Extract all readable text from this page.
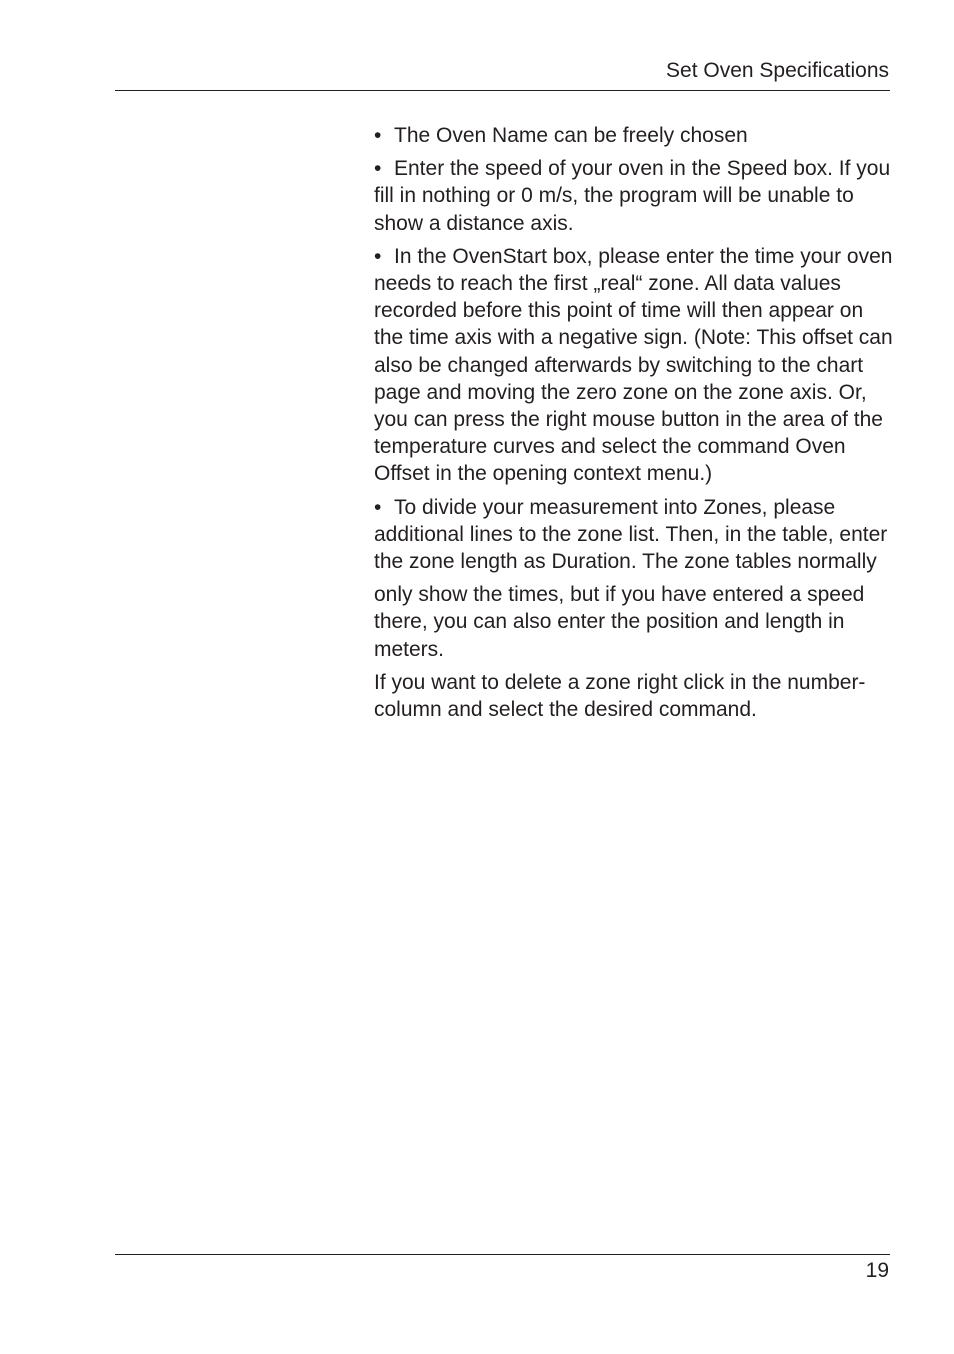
Set Oven Specifications

• The Oven Name can be freely chosen

• Enter the speed of your oven in the Speed box. If you fill in nothing or 0 m/s, the program will be unable to show a distance axis.

• In the OvenStart box, please enter the time your oven needs to reach the first „real“ zone. All data values recorded before this point of time will then appear on the time axis with a negative sign. (Note: This offset can also be changed afterwards by switching to the chart page and moving the zero zone on the zone axis. Or, you can press the right mouse button in the area of the temperature curves and select the command Oven Offset in the opening context menu.)

• To divide your measurement into Zones, please additional lines to the zone list. Then, in the table, enter the zone length as Duration. The zone tables normally

only show the times, but if you have entered a speed there, you can also enter the position and length in meters.

If you want to delete a zone right click in the number-column and select the desired command.

19
